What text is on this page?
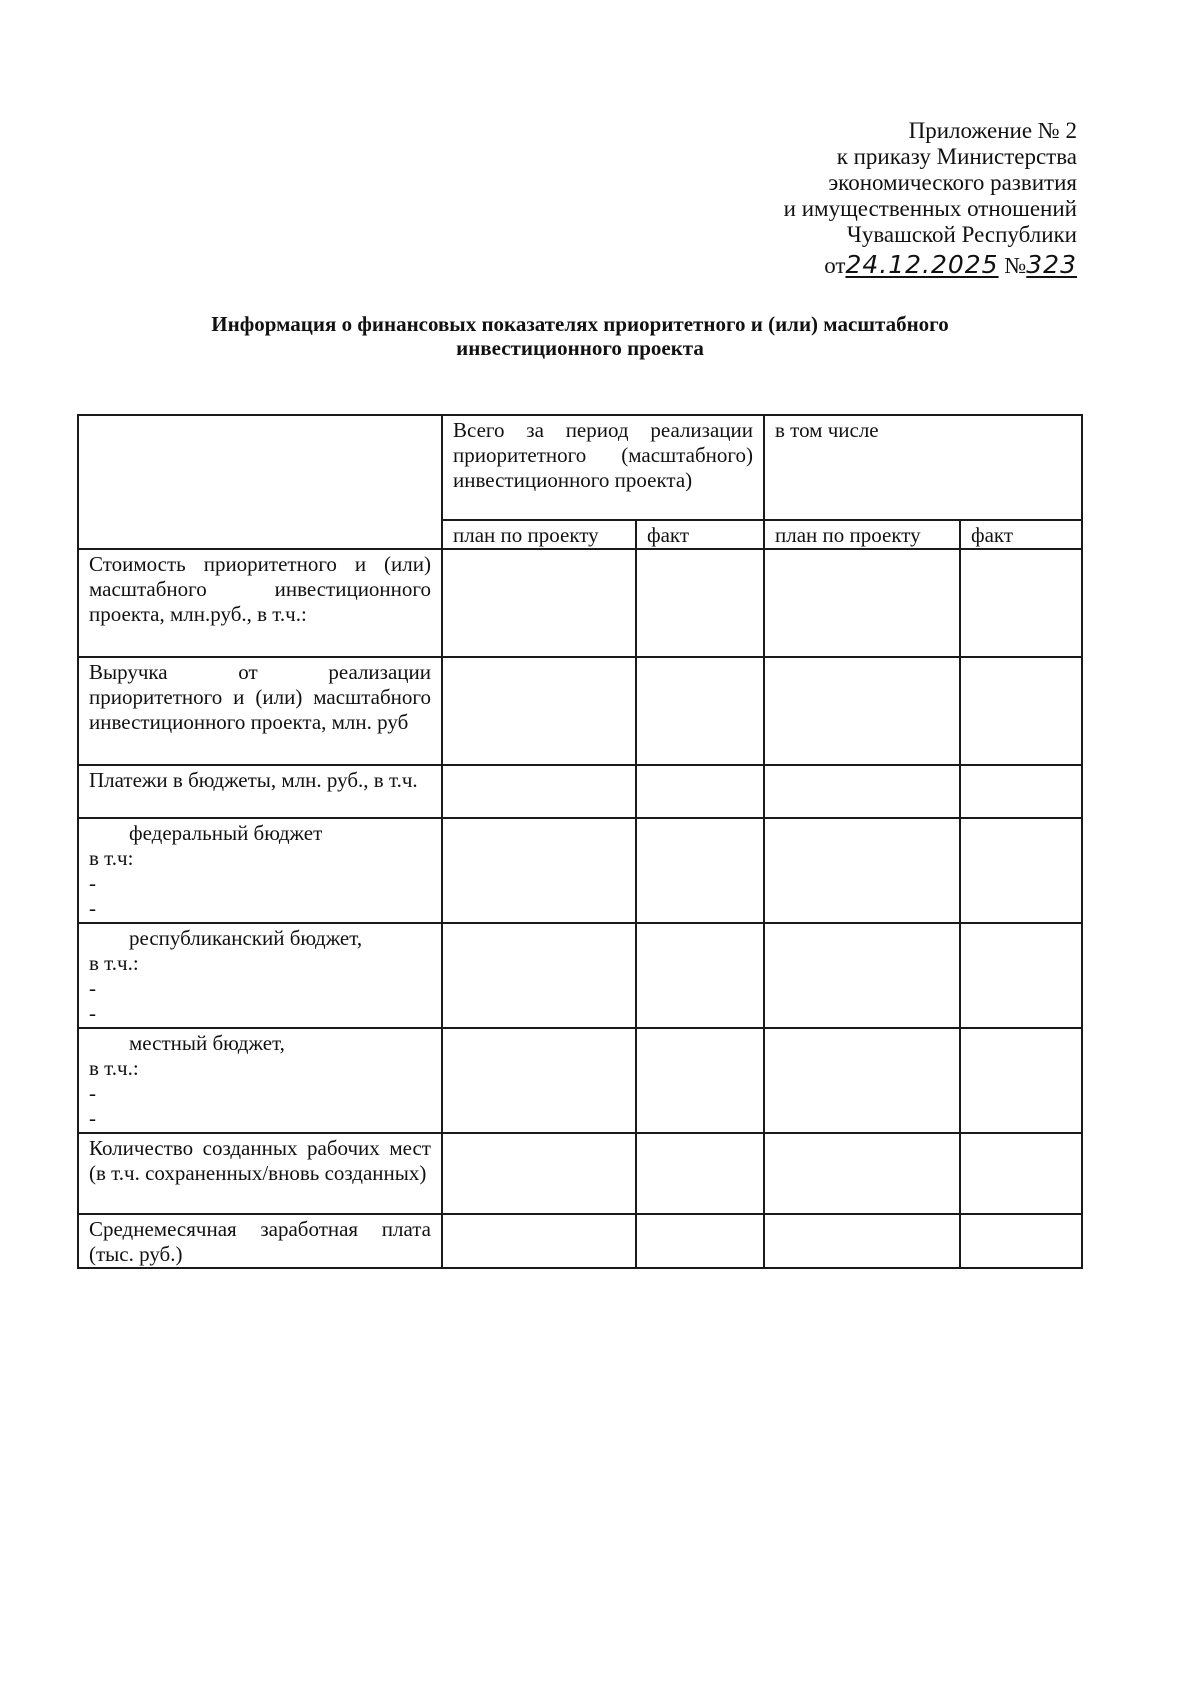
Приложение № 2
к приказу Министерства
экономического развития
и имущественных отношений
Чувашской Республики
от24.12.2025 №323
Информация о финансовых показателях приоритетного и (или) масштабного
инвестиционного проекта
	Всего за период реализации приоритетного (масштабного) инвестиционного проекта)		в том числе	
	план по проекту	факт	план по проекту	факт
Стоимость приоритетного и (или) масштабного инвестиционного проекта, млн.руб., в т.ч.:				
Выручка от реализации приоритетного и (или) масштабного инвестиционного проекта, млн. руб				
Платежи в бюджеты, млн. руб., в т.ч.				

федеральный бюджет
в т.ч:
-
-				

республиканский бюджет,
в т.ч.:
-
-				

местный бюджет,
в т.ч.:
-
-				

Количество созданных рабочих мест (в т.ч. сохраненных/вновь созданных)				
Среднемесячная заработная плата (тыс. руб.)				
